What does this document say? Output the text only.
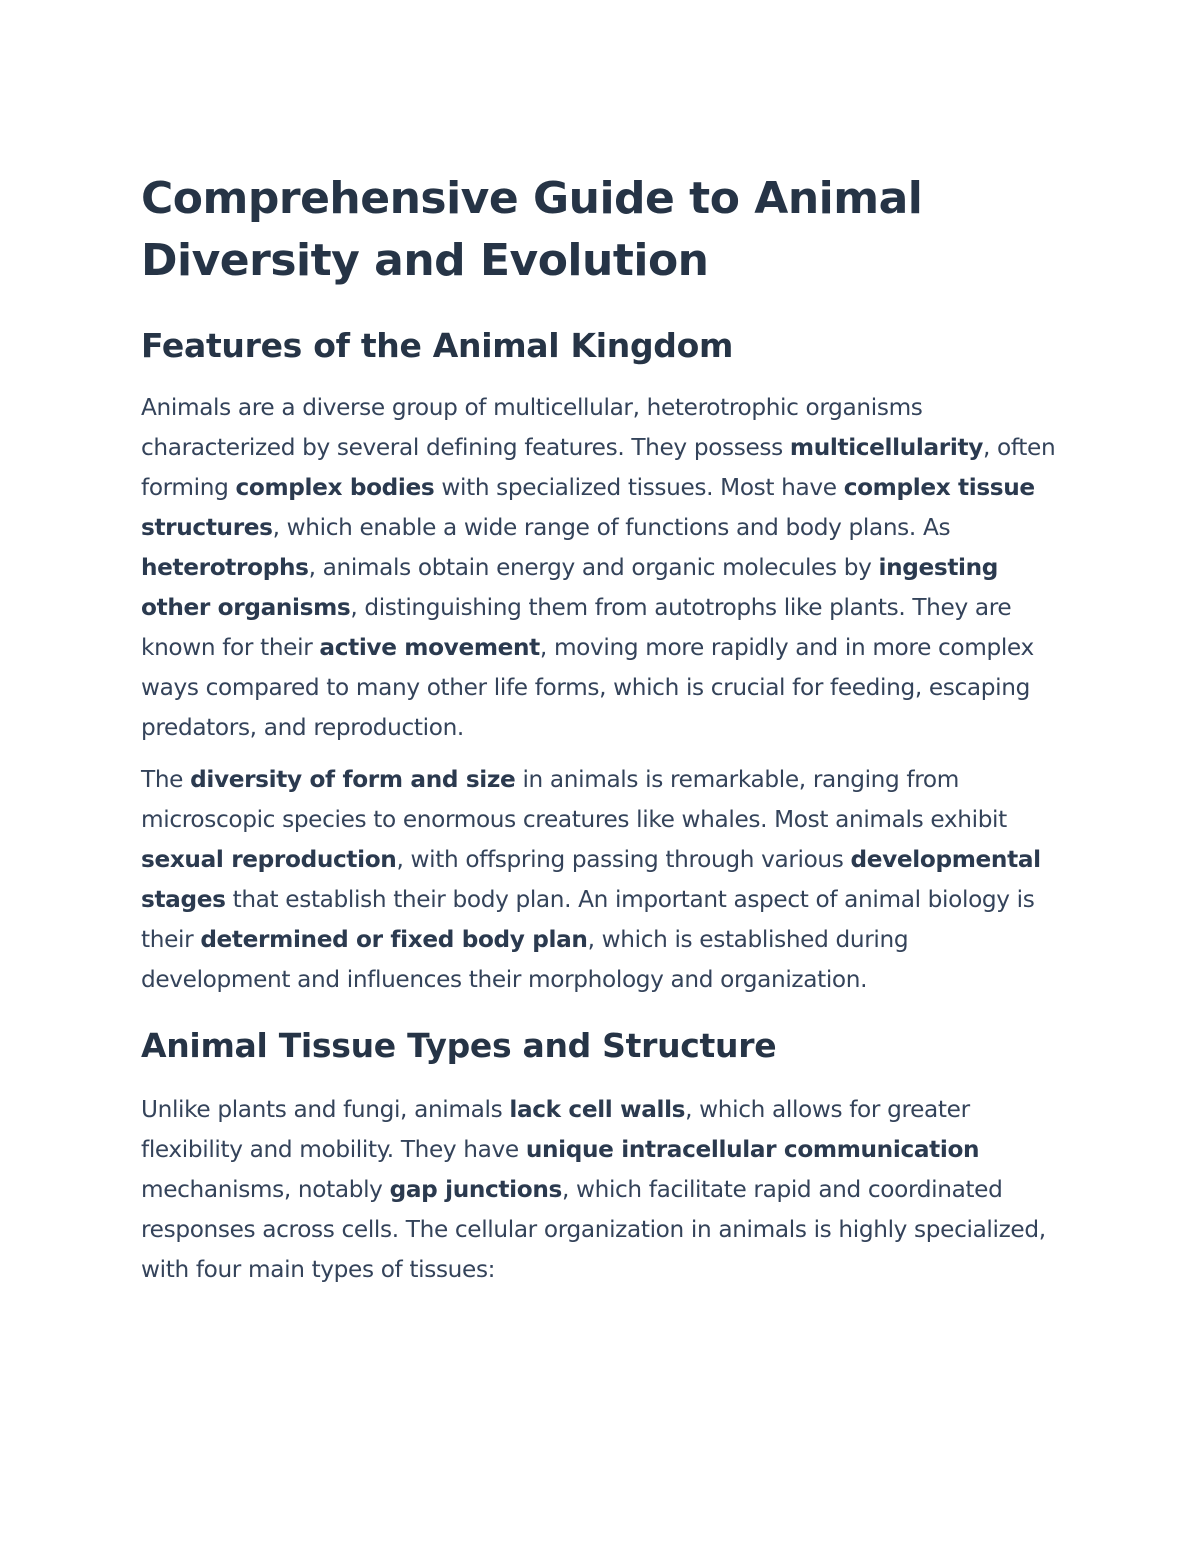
Comprehensive Guide to Animal Diversity and Evolution
Features of the Animal Kingdom

Animals are a diverse group of multicellular, heterotrophic organisms characterized by several defining features. They possess multicellularity, often forming complex bodies with specialized tissues. Most have complex tissue structures, which enable a wide range of functions and body plans. As heterotrophs, animals obtain energy and organic molecules by ingesting other organisms, distinguishing them from autotrophs like plants. They are known for their active movement, moving more rapidly and in more complex ways compared to many other life forms, which is crucial for feeding, escaping predators, and reproduction.

The diversity of form and size in animals is remarkable, ranging from microscopic species to enormous creatures like whales. Most animals exhibit sexual reproduction, with offspring passing through various developmental stages that establish their body plan. An important aspect of animal biology is their determined or fixed body plan, which is established during development and influences their morphology and organization.

Animal Tissue Types and Structure

Unlike plants and fungi, animals lack cell walls, which allows for greater flexibility and mobility. They have unique intracellular communication mechanisms, notably gap junctions, which facilitate rapid and coordinated responses across cells. The cellular organization in animals is highly specialized, with four main types of tissues:
